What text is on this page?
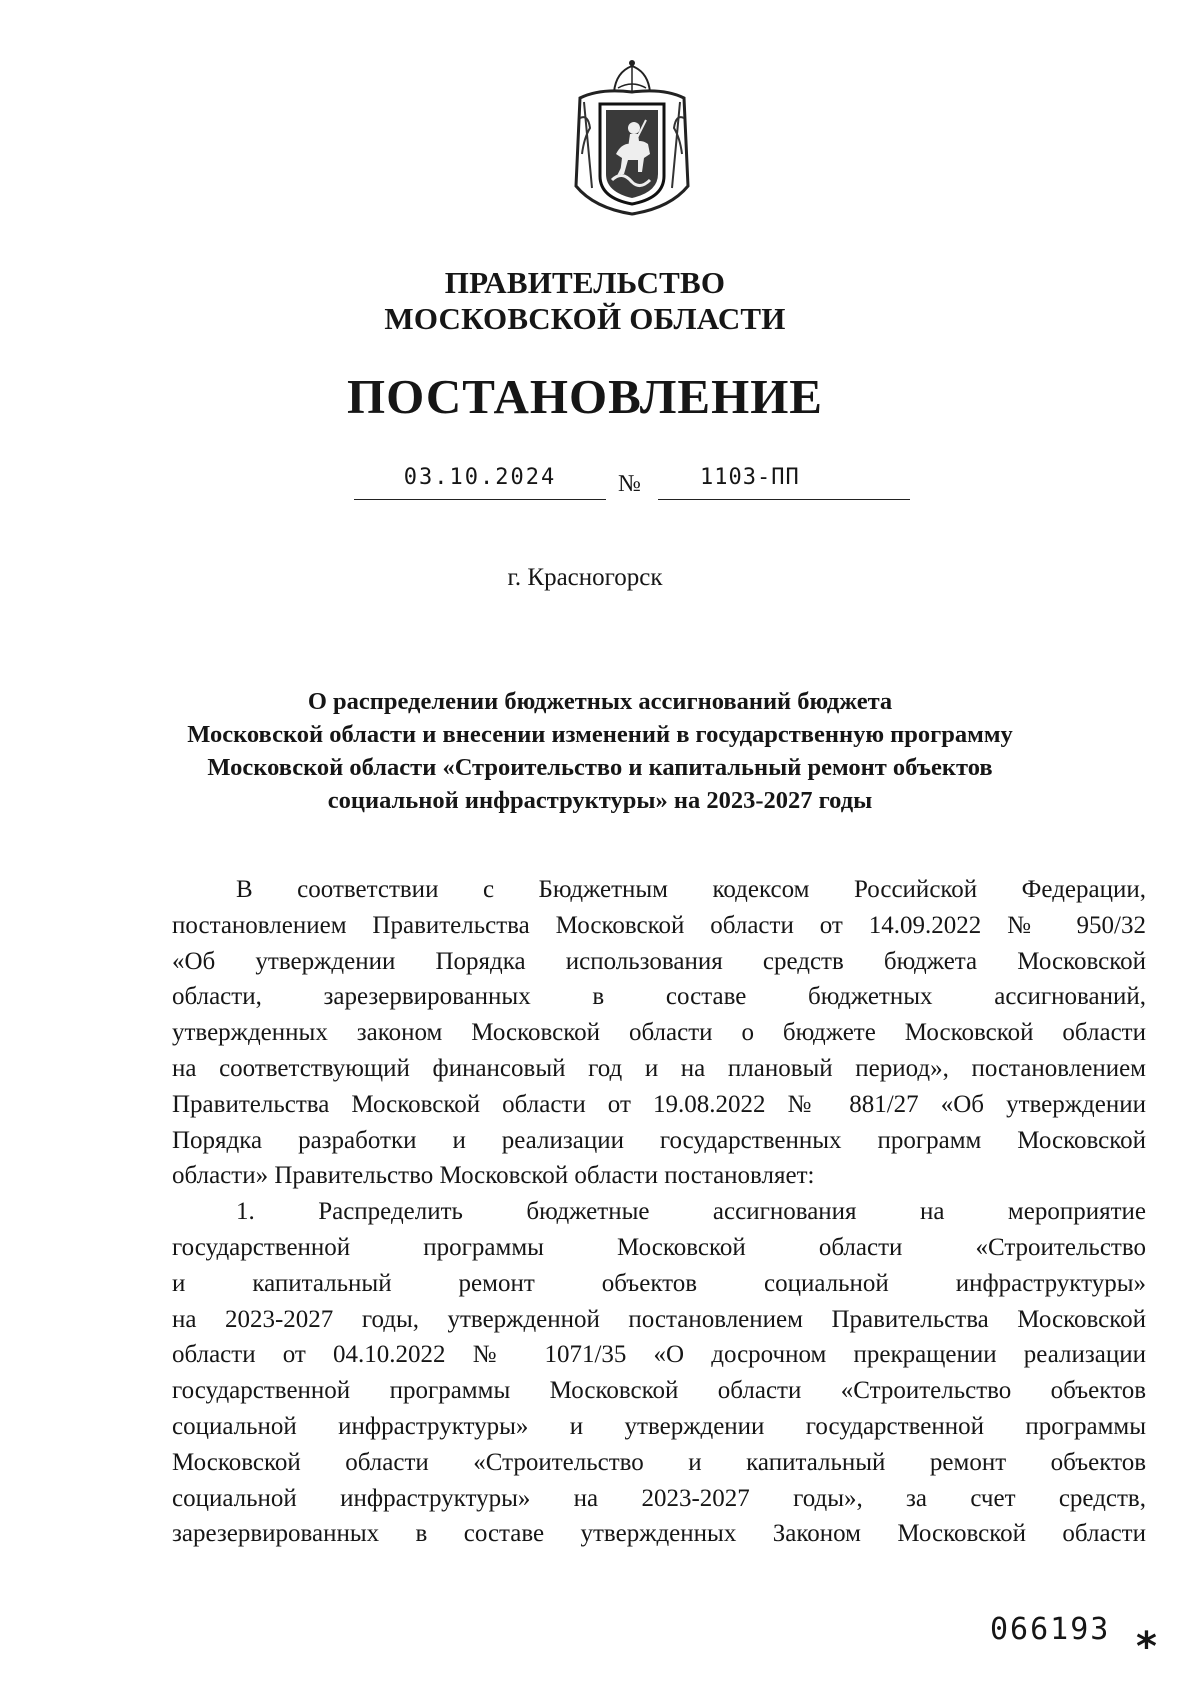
ПРАВИТЕЛЬСТВО
МОСКОВСКОЙ ОБЛАСТИ
ПОСТАНОВЛЕНИЕ
03.10.2024	№	1103-ПП
г. Красногорск
О распределении бюджетных ассигнований бюджета
Московской области и внесении изменений в государственную программу
Московской области «Строительство и капитальный ремонт объектов
социальной инфраструктуры» на 2023-2027 годы
В соответствии с Бюджетным кодексом Российской Федерации,
постановлением Правительства Московской области от 14.09.2022 № 950/32
«Об утверждении Порядка использования средств бюджета Московской
области, зарезервированных в составе бюджетных ассигнований,
утвержденных законом Московской области о бюджете Московской области
на соответствующий финансовый год и на плановый период», постановлением
Правительства Московской области от 19.08.2022 № 881/27 «Об утверждении
Порядка разработки и реализации государственных программ Московской
области» Правительство Московской области постановляет:
1. Распределить бюджетные ассигнования на мероприятие
государственной программы Московской области «Строительство
и капитальный ремонт объектов социальной инфраструктуры»
на 2023-2027 годы, утвержденной постановлением Правительства Московской
области от 04.10.2022 № 1071/35 «О досрочном прекращении реализации
государственной программы Московской области «Строительство объектов
социальной инфраструктуры» и утверждении государственной программы
Московской области «Строительство и капитальный ремонт объектов
социальной инфраструктуры» на 2023-2027 годы», за счет средств,
зарезервированных в составе утвержденных Законом Московской области
066193 *
